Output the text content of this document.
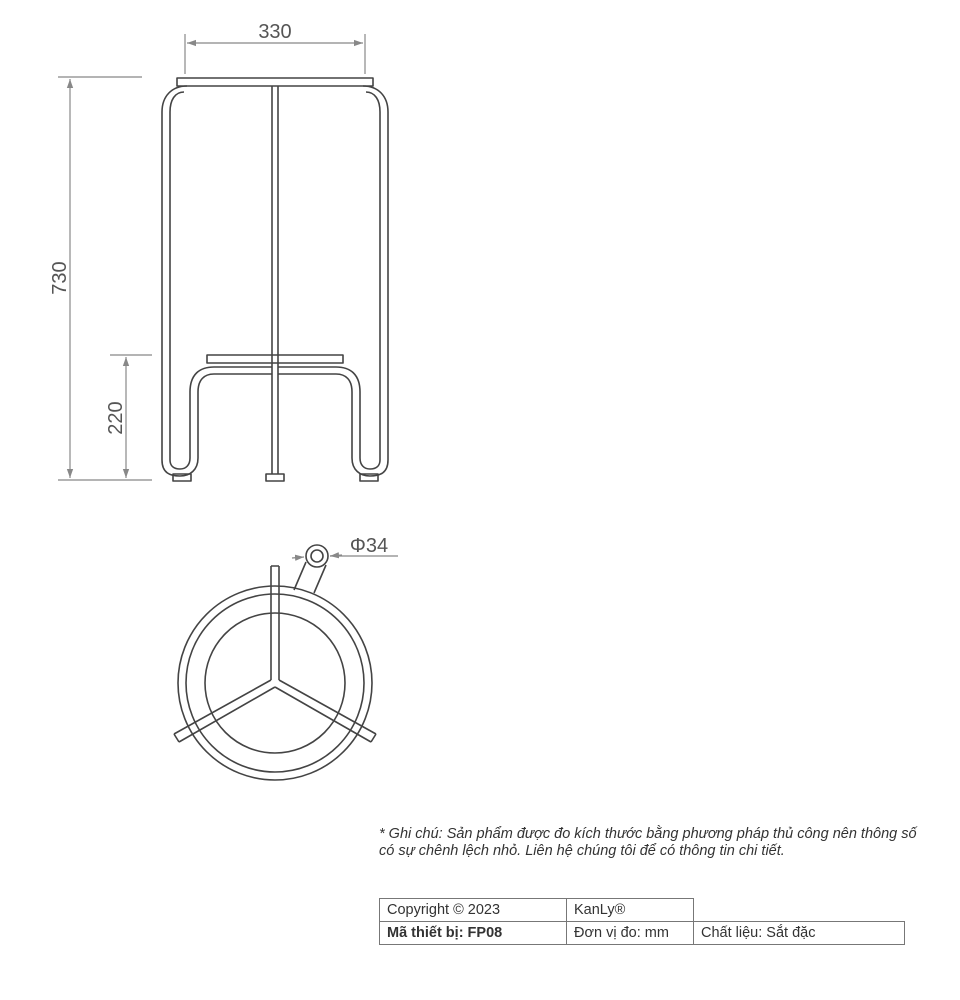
330
730
220
Φ34

* Ghi chú: Sản phẩm được đo kích thước bằng phương pháp thủ công nên thông số có sự chênh lệch nhỏ. Liên hệ chúng tôi để có thông tin chi tiết.

Copyright © 2023	KanLy®	
Mã thiết bị: FP08	Đơn vị đo: mm	Chất liệu: Sắt đặc
